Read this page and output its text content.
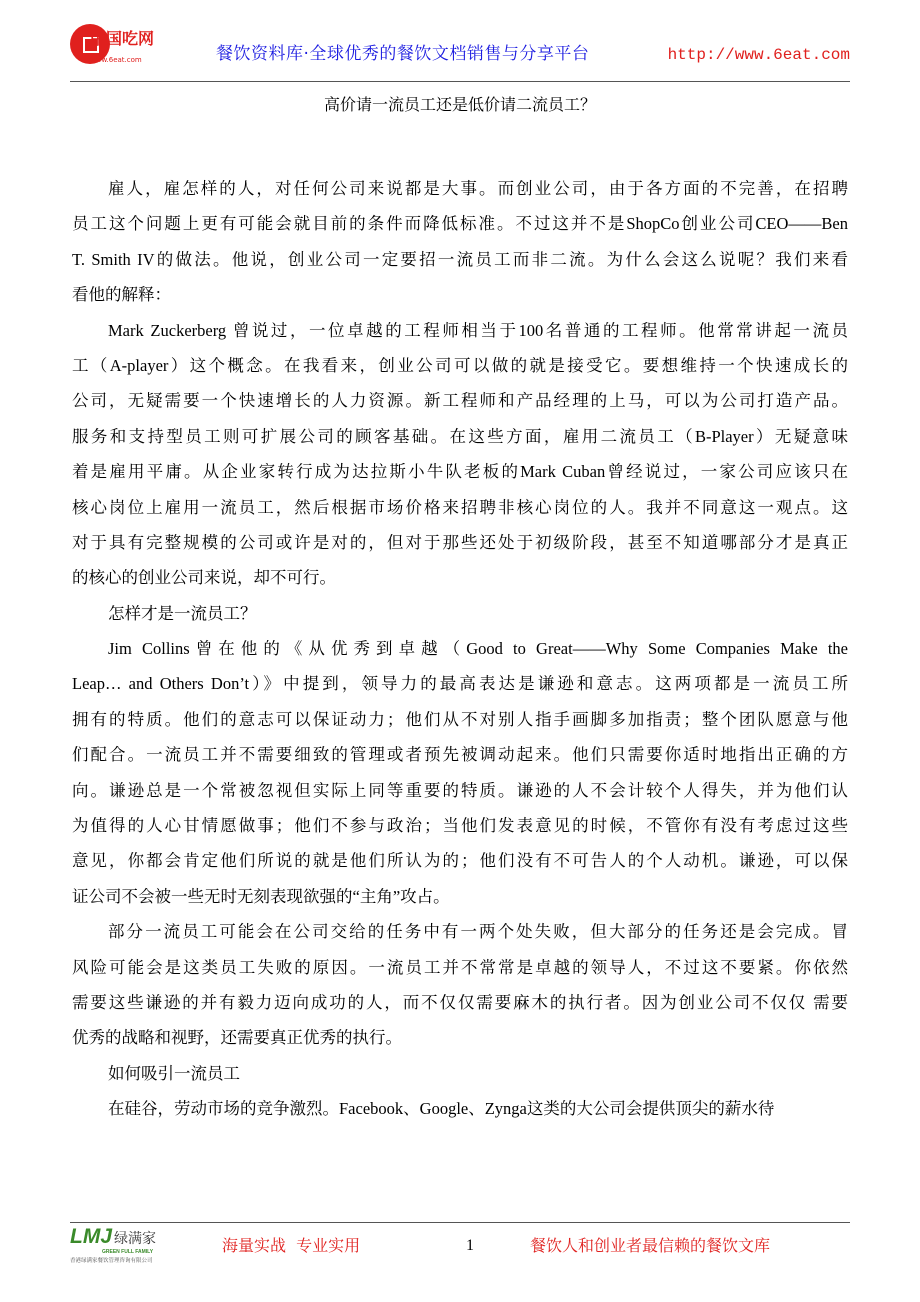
中国吃网
www.6eat.com	餐饮资料库·全球优秀的餐饮文档销售与分享平台	http://www.6eat.com
高价请一流员工还是低价请二流员工？
雇人，雇怎样的人，对任何公司来说都是大事。而创业公司，由于各方面的不完善，在招聘
员工这个问题上更有可能会就目前的条件而降低标准。不过这并不是ShopCo创业公司CEO——Ben
T. Smith IV的做法。他说，创业公司一定要招一流员工而非二流。为什么会这么说呢？我们来看
看他的解释：
Mark Zuckerberg 曾说过，一位卓越的工程师相当于100名普通的工程师。他常常讲起一流员
工（A-player）这个概念。在我看来，创业公司可以做的就是接受它。要想维持一个快速成长的
公司，无疑需要一个快速增长的人力资源。新工程师和产品经理的上马，可以为公司打造产品。
服务和支持型员工则可扩展公司的顾客基础。在这些方面，雇用二流员工（B-Player）无疑意味
着是雇用平庸。从企业家转行成为达拉斯小牛队老板的Mark Cuban曾经说过，一家公司应该只在
核心岗位上雇用一流员工，然后根据市场价格来招聘非核心岗位的人。我并不同意这一观点。这
对于具有完整规模的公司或许是对的，但对于那些还处于初级阶段，甚至不知道哪部分才是真正
的核心的创业公司来说，却不可行。
怎样才是一流员工？
Jim Collins曾在他的《从优秀到卓越（Good to Great——Why Some Companies Make the
Leap… and Others Don’t）》中提到，领导力的最高表达是谦逊和意志。这两项都是一流员工所
拥有的特质。他们的意志可以保证动力；他们从不对别人指手画脚多加指责；整个团队愿意与他
们配合。一流员工并不需要细致的管理或者预先被调动起来。他们只需要你适时地指出正确的方
向。谦逊总是一个常被忽视但实际上同等重要的特质。谦逊的人不会计较个人得失，并为他们认
为值得的人心甘情愿做事；他们不参与政治；当他们发表意见的时候，不管你有没有考虑过这些
意见，你都会肯定他们所说的就是他们所认为的；他们没有不可告人的个人动机。谦逊，可以保
证公司不会被一些无时无刻表现欲强的“主角”攻占。
部分一流员工可能会在公司交给的任务中有一两个处失败，但大部分的任务还是会完成。冒
风险可能会是这类员工失败的原因。一流员工并不常常是卓越的领导人，不过这不要紧。你依然
需要这些谦逊的并有毅力迈向成功的人，而不仅仅需要麻木的执行者。因为创业公司不仅仅 需要
优秀的战略和视野，还需要真正优秀的执行。
如何吸引一流员工
在硅谷，劳动市场的竞争激烈。Facebook、Google、Zynga这类的大公司会提供顶尖的薪水待
LMJ 绿满家
GREEN FULL FAMILY
香港绿满家餐饮管理咨询有限公司
海量实战  专业实用	1	餐饮人和创业者最信赖的餐饮文库
